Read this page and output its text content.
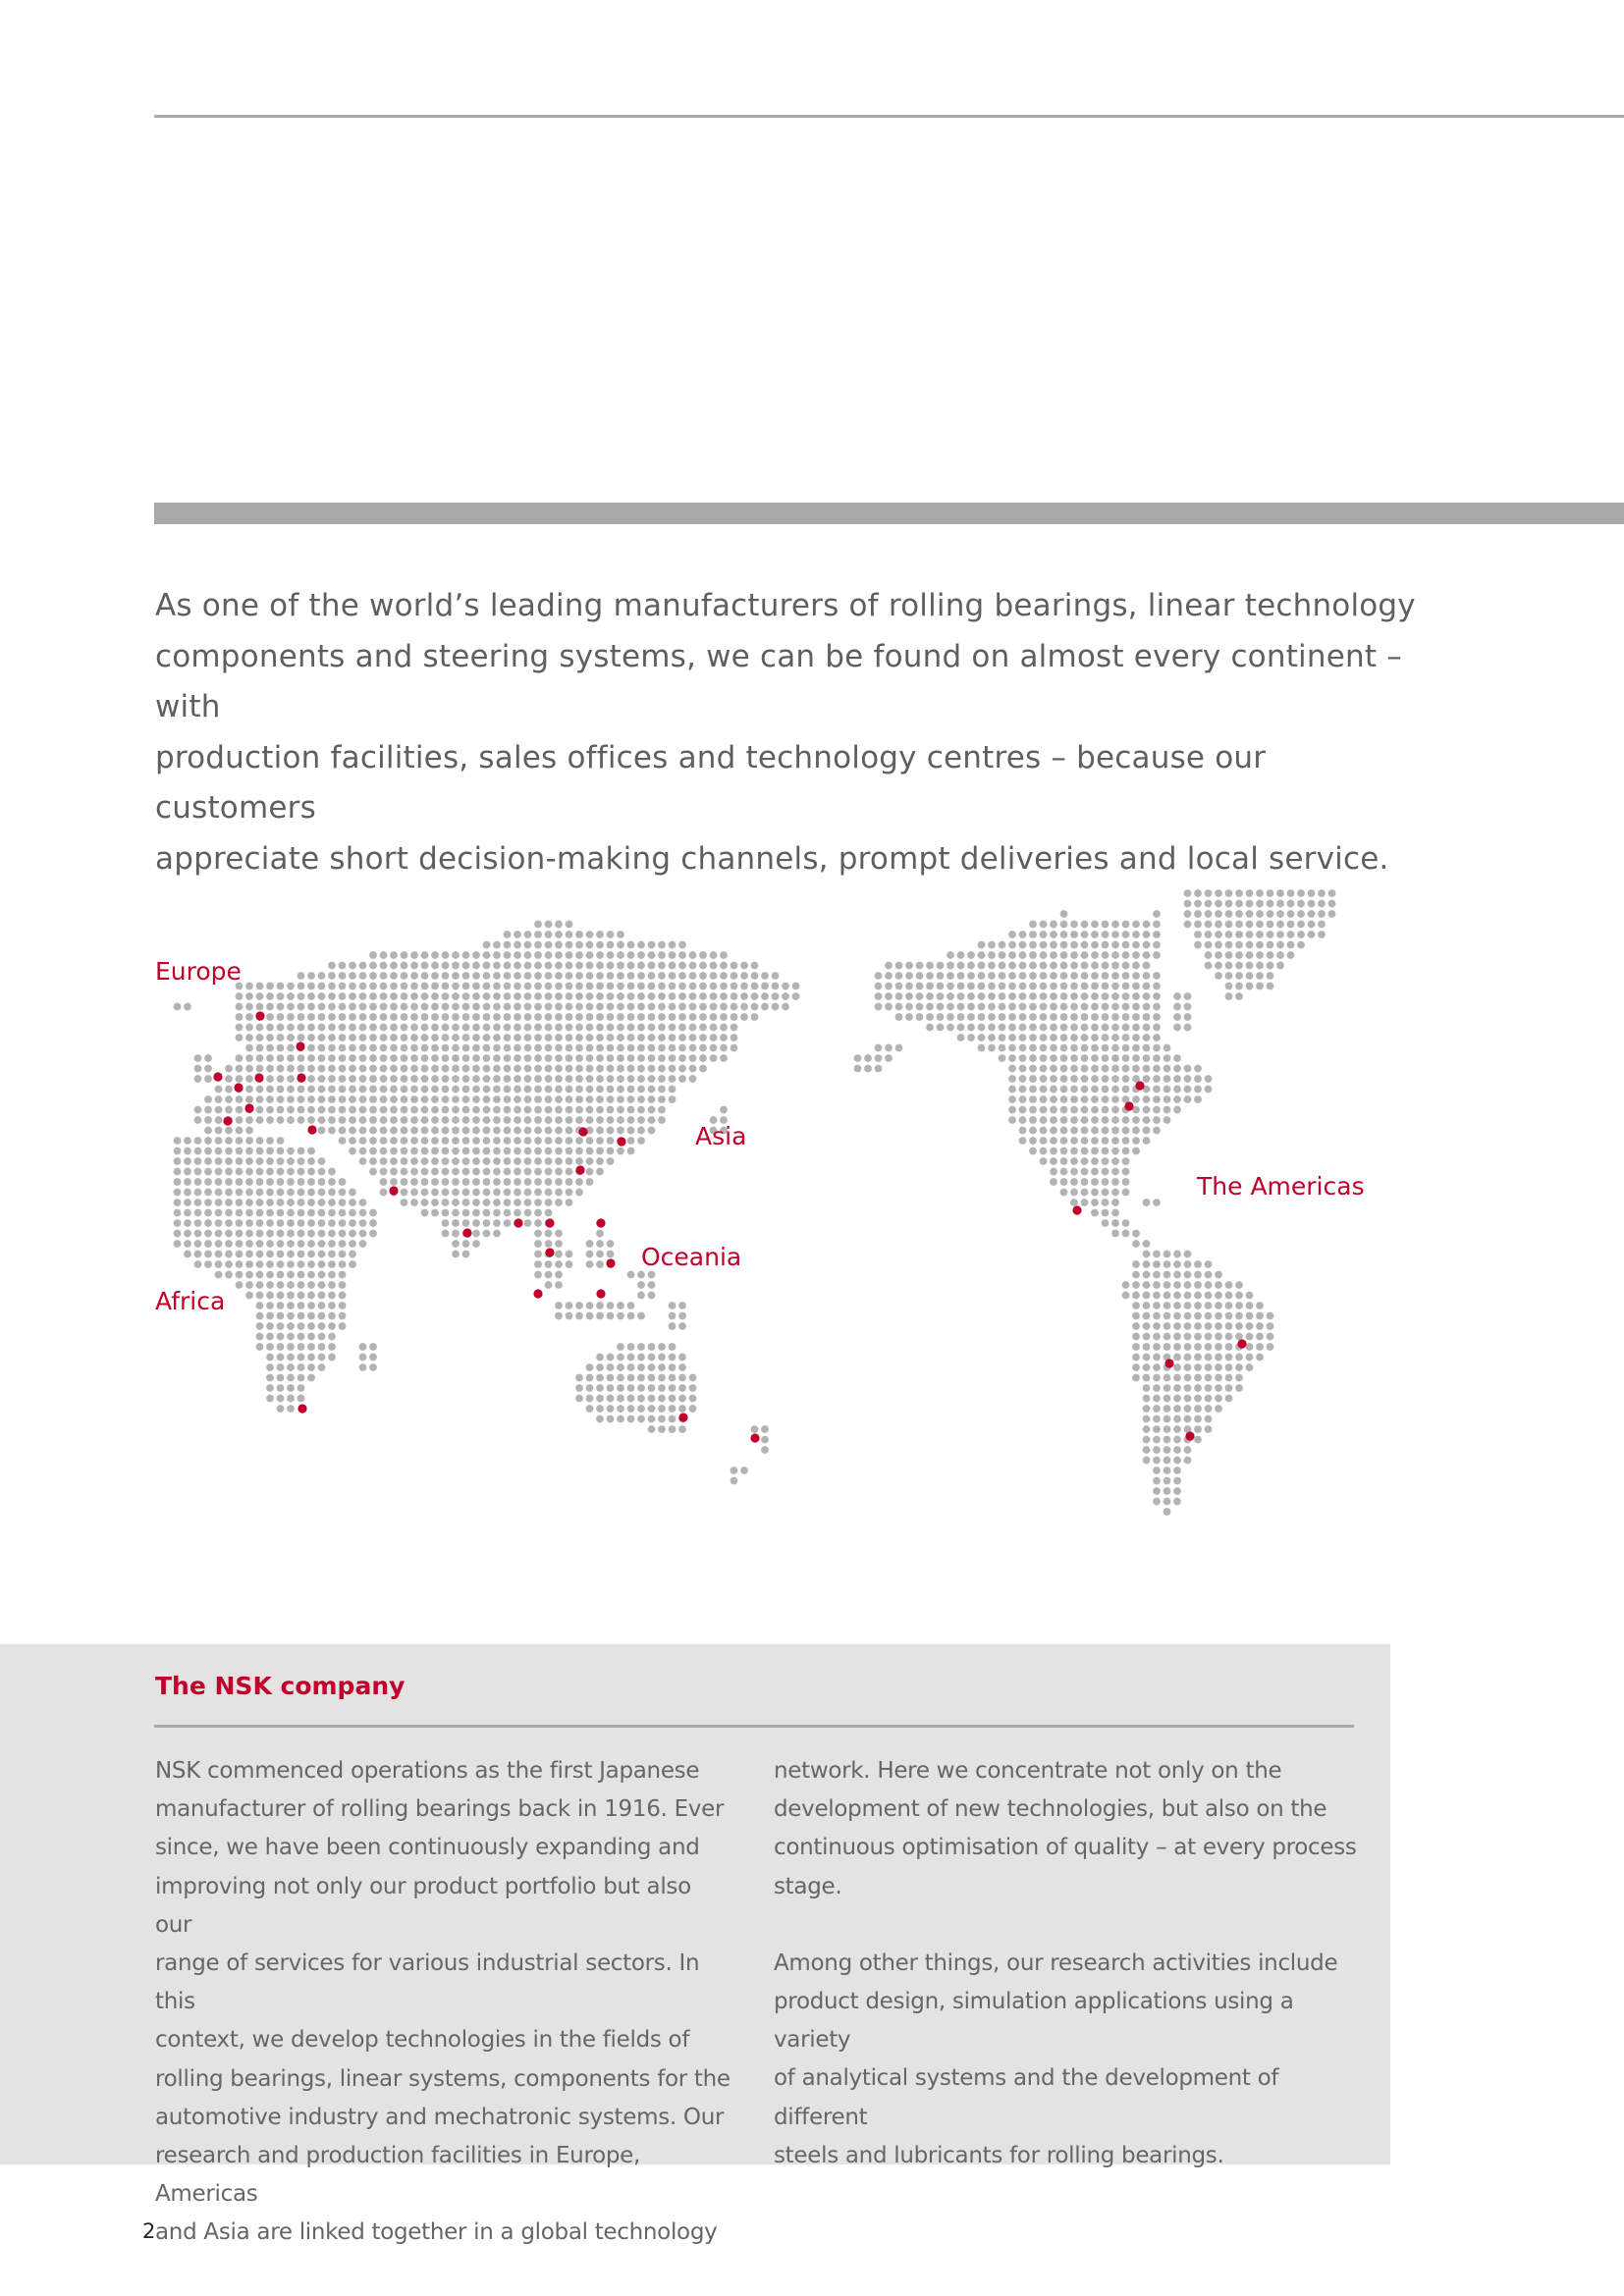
As one of the world’s leading manufacturers of rolling bearings, linear technology
components and steering systems, we can be found on almost every continent – with
production facilities, sales offices and technology centres – because our customers
appreciate short decision-making channels, prompt deliveries and local service.
Europe
Asia
Oceania
Africa
The Americas
The NSK company

NSK commenced operations as the first Japanese
manufacturer of rolling bearings back in 1916. Ever
since, we have been continuously expanding and
improving not only our product portfolio but also our
range of services for various industrial sectors. In this
context, we develop technologies in the fields of
rolling bearings, linear systems, components for the
automotive industry and mechatronic systems. Our
research and production facilities in Europe, Americas
and Asia are linked together in a global technology

network. Here we concentrate not only on the
development of new technologies, but also on the
continuous optimisation of quality – at every process
stage.

Among other things, our research activities include
product design, simulation applications using a variety
of analytical systems and the development of different
steels and lubricants for rolling bearings.

2
